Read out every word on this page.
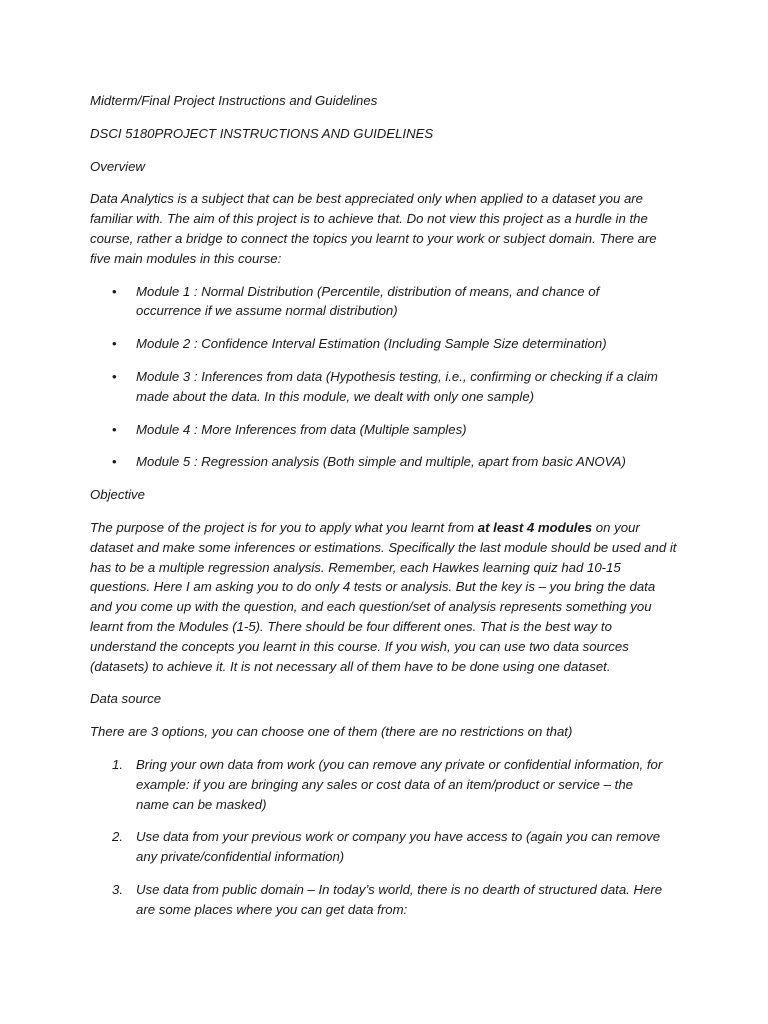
Midterm/Final Project Instructions and Guidelines

DSCI 5180PROJECT INSTRUCTIONS AND GUIDELINES

Overview

Data Analytics is a subject that can be best appreciated only when applied to a dataset you are familiar with. The aim of this project is to achieve that. Do not view this project as a hurdle in the course, rather a bridge to connect the topics you learnt to your work or subject domain. There are five main modules in this course:

• Module 1 : Normal Distribution (Percentile, distribution of means, and chance of occurrence if we assume normal distribution)
• Module 2 : Confidence Interval Estimation (Including Sample Size determination)
• Module 3 : Inferences from data (Hypothesis testing, i.e., confirming or checking if a claim made about the data. In this module, we dealt with only one sample)
• Module 4 : More Inferences from data (Multiple samples)
• Module 5 : Regression analysis (Both simple and multiple, apart from basic ANOVA)

Objective

The purpose of the project is for you to apply what you learnt from at least 4 modules on your dataset and make some inferences or estimations. Specifically the last module should be used and it has to be a multiple regression analysis. Remember, each Hawkes learning quiz had 10-15 questions. Here I am asking you to do only 4 tests or analysis. But the key is – you bring the data and you come up with the question, and each question/set of analysis represents something you learnt from the Modules (1-5). There should be four different ones. That is the best way to understand the concepts you learnt in this course. If you wish, you can use two data sources (datasets) to achieve it. It is not necessary all of them have to be done using one dataset.

Data source

There are 3 options, you can choose one of them (there are no restrictions on that)

1. Bring your own data from work (you can remove any private or confidential information, for example: if you are bringing any sales or cost data of an item/product or service – the name can be masked)
2. Use data from your previous work or company you have access to (again you can remove any private/confidential information)
3. Use data from public domain – In today’s world, there is no dearth of structured data. Here are some places where you can get data from:
